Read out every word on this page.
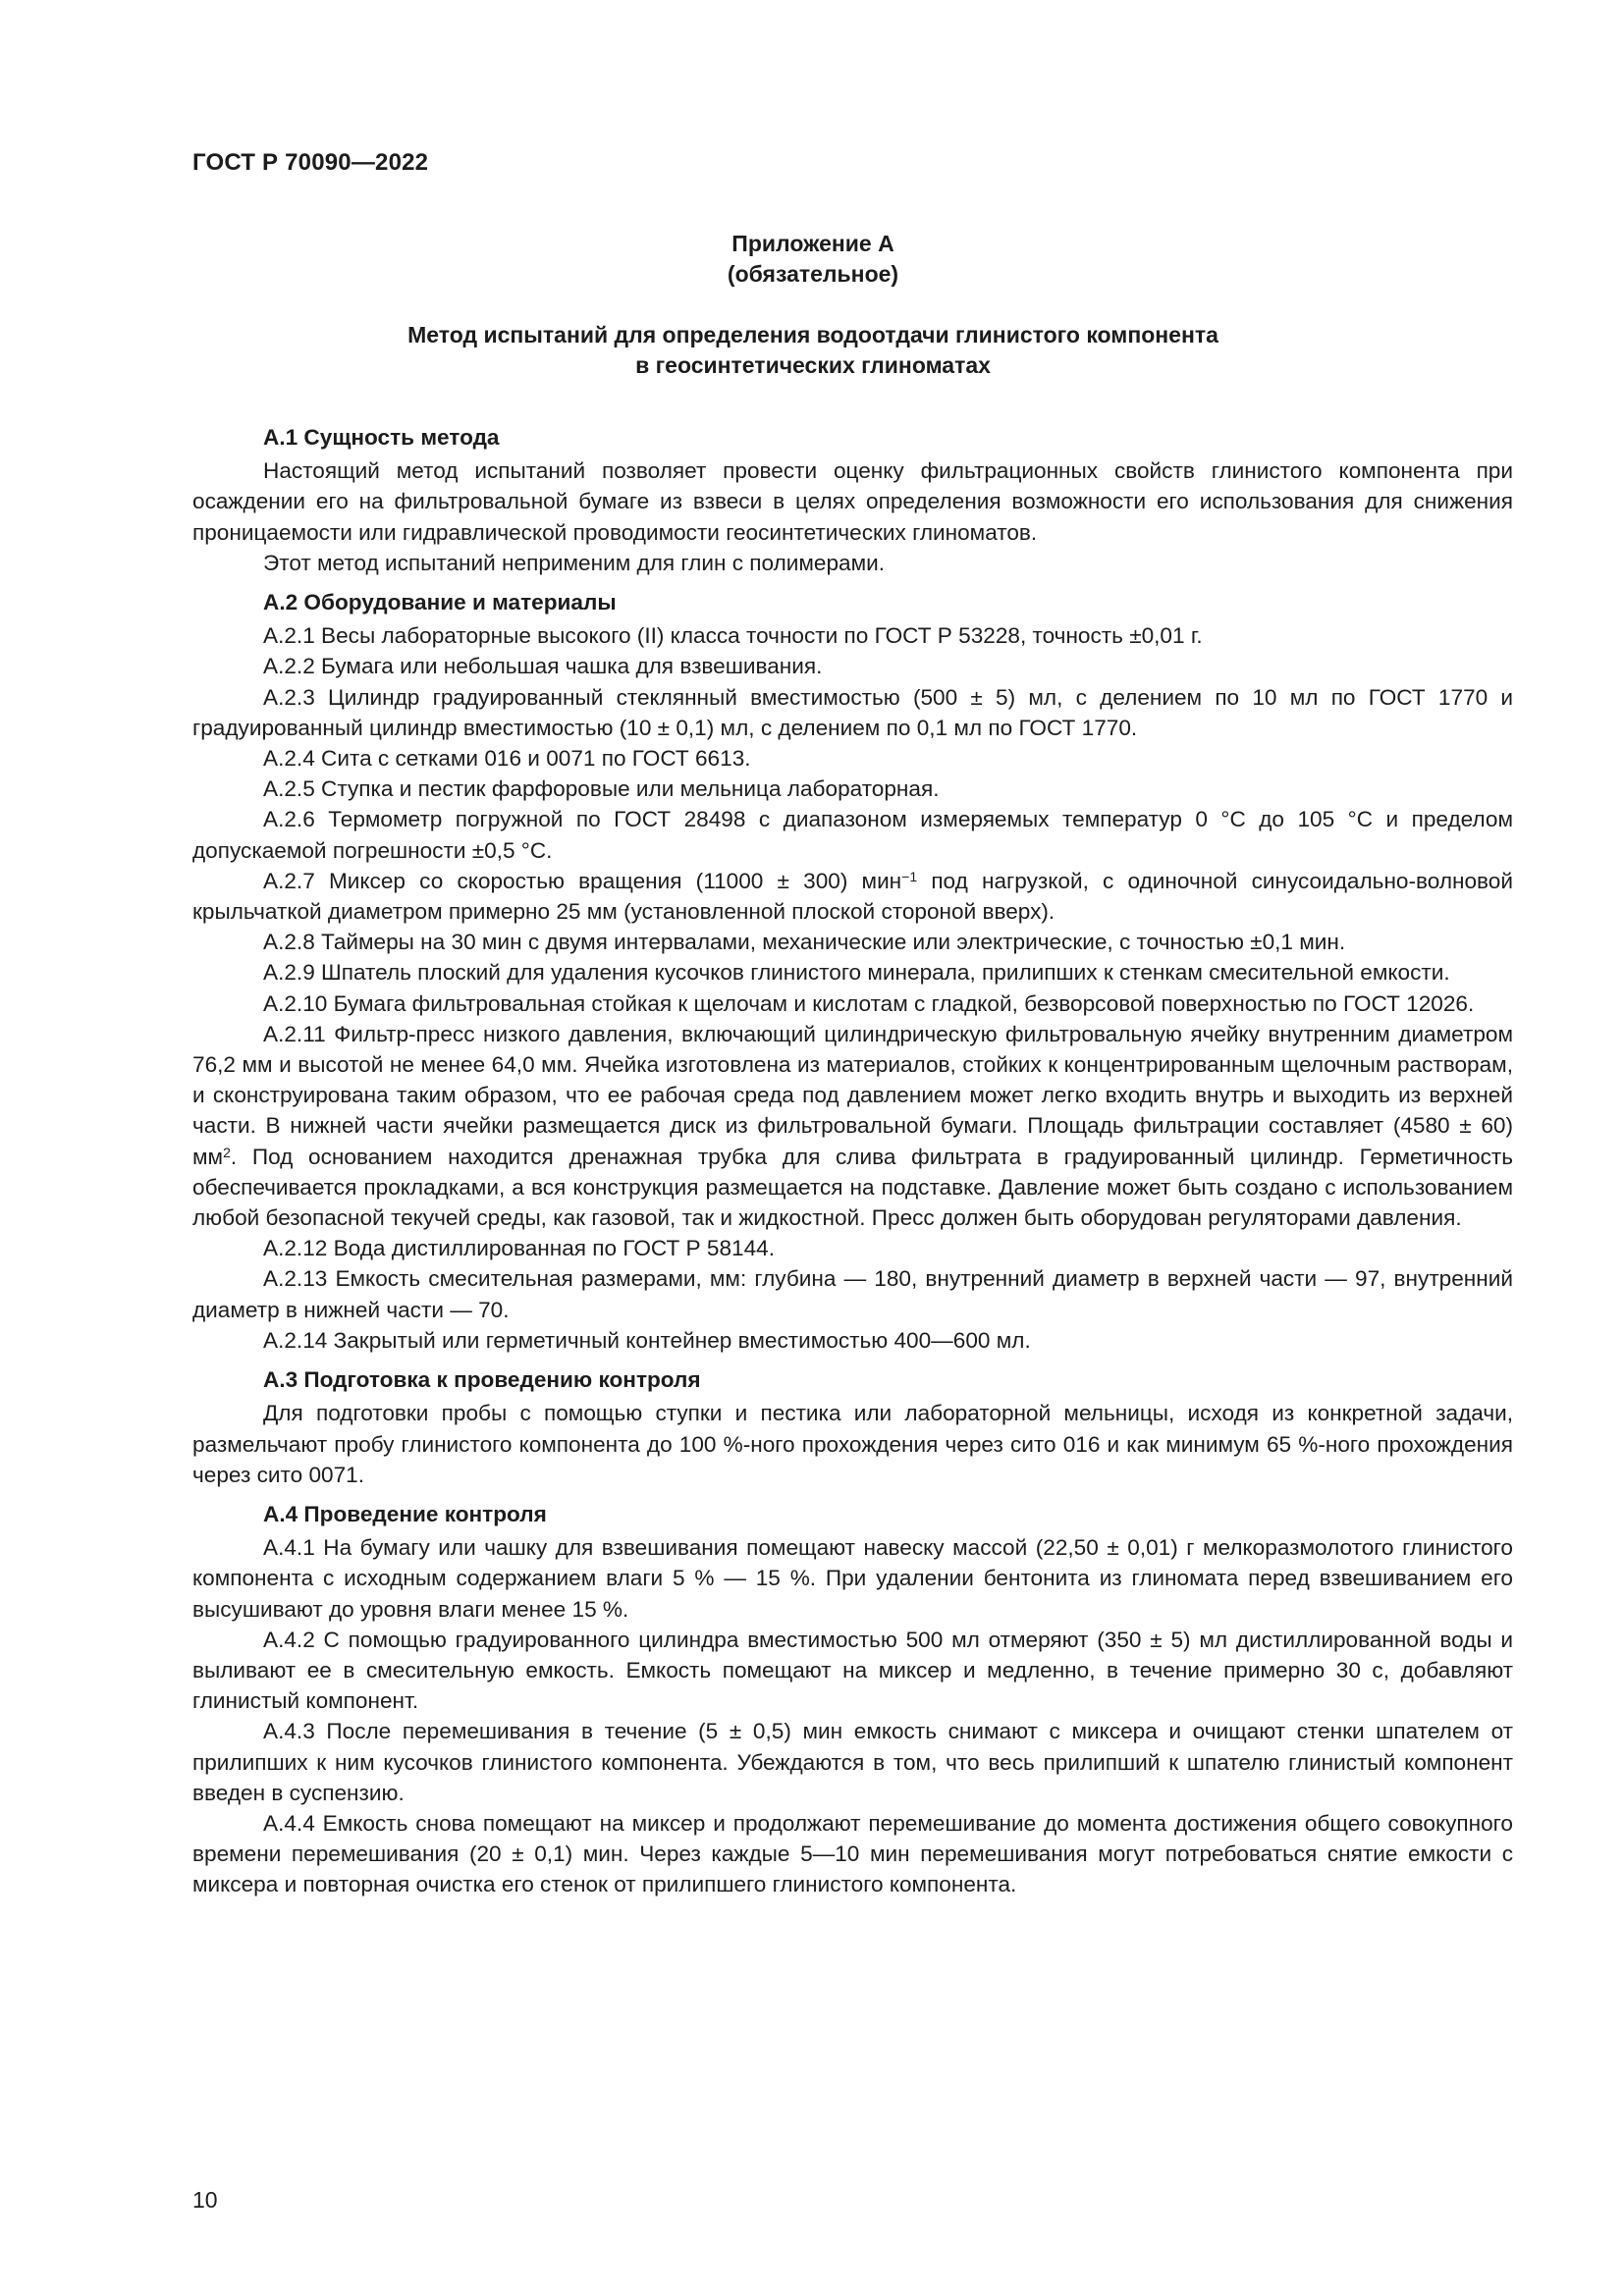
ГОСТ Р 70090—2022
Приложение А
(обязательное)
Метод испытаний для определения водоотдачи глинистого компонента
в геосинтетических глиноматах
А.1 Сущность метода

Настоящий метод испытаний позволяет провести оценку фильтрационных свойств глинистого компонента при осаждении его на фильтровальной бумаге из взвеси в целях определения возможности его использования для снижения проницаемости или гидравлической проводимости геосинтетических глиноматов.

Этот метод испытаний неприменим для глин с полимерами.

А.2 Оборудование и материалы

А.2.1 Весы лабораторные высокого (II) класса точности по ГОСТ Р 53228, точность ±0,01 г.

А.2.2 Бумага или небольшая чашка для взвешивания.

А.2.3 Цилиндр градуированный стеклянный вместимостью (500 ± 5) мл, с делением по 10 мл по ГОСТ 1770 и градуированный цилиндр вместимостью (10 ± 0,1) мл, с делением по 0,1 мл по ГОСТ 1770.

А.2.4 Сита с сетками 016 и 0071 по ГОСТ 6613.

А.2.5 Ступка и пестик фарфоровые или мельница лабораторная.

А.2.6 Термометр погружной по ГОСТ 28498 с диапазоном измеряемых температур 0 °С до 105 °С и пределом допускаемой погрешности ±0,5 °С.

А.2.7 Миксер со скоростью вращения (11000 ± 300) мин$^{-1}$ под нагрузкой, с одиночной синусоидально-волновой крыльчаткой диаметром примерно 25 мм (установленной плоской стороной вверх).

А.2.8 Таймеры на 30 мин с двумя интервалами, механические или электрические, с точностью ±0,1 мин.

А.2.9 Шпатель плоский для удаления кусочков глинистого минерала, прилипших к стенкам смесительной емкости.

А.2.10 Бумага фильтровальная стойкая к щелочам и кислотам с гладкой, безворсовой поверхностью по ГОСТ 12026.

А.2.11 Фильтр-пресс низкого давления, включающий цилиндрическую фильтровальную ячейку внутренним диаметром 76,2 мм и высотой не менее 64,0 мм. Ячейка изготовлена из материалов, стойких к концентрированным щелочным растворам, и сконструирована таким образом, что ее рабочая среда под давлением может легко входить внутрь и выходить из верхней части. В нижней части ячейки размещается диск из фильтровальной бумаги. Площадь фильтрации составляет (4580 ± 60) $мм^2$. Под основанием находится дренажная трубка для слива фильтрата в градуированный цилиндр. Герметичность обеспечивается прокладками, а вся конструкция размещается на подставке. Давление может быть создано с использованием любой безопасной текучей среды, как газовой, так и жидкостной. Пресс должен быть оборудован регуляторами давления.

А.2.12 Вода дистиллированная по ГОСТ Р 58144.

А.2.13 Емкость смесительная размерами, мм: глубина — 180, внутренний диаметр в верхней части — 97, внутренний диаметр в нижней части — 70.

А.2.14 Закрытый или герметичный контейнер вместимостью 400—600 мл.

А.3 Подготовка к проведению контроля

Для подготовки пробы с помощью ступки и пестика или лабораторной мельницы, исходя из конкретной задачи, размельчают пробу глинистого компонента до 100 %-ного прохождения через сито 016 и как минимум 65 %-ного прохождения через сито 0071.

А.4 Проведение контроля

А.4.1 На бумагу или чашку для взвешивания помещают навеску массой (22,50 ± 0,01) г мелкоразмолотого глинистого компонента с исходным содержанием влаги 5 % — 15 %. При удалении бентонита из глиномата перед взвешиванием его высушивают до уровня влаги менее 15 %.

А.4.2 С помощью градуированного цилиндра вместимостью 500 мл отмеряют (350 ± 5) мл дистиллированной воды и выливают ее в смесительную емкость. Емкость помещают на миксер и медленно, в течение примерно 30 с, добавляют глинистый компонент.

А.4.3 После перемешивания в течение (5 ± 0,5) мин емкость снимают с миксера и очищают стенки шпателем от прилипших к ним кусочков глинистого компонента. Убеждаются в том, что весь прилипший к шпателю глинистый компонент введен в суспензию.

А.4.4 Емкость снова помещают на миксер и продолжают перемешивание до момента достижения общего совокупного времени перемешивания (20 ± 0,1) мин. Через каждые 5—10 мин перемешивания могут потребоваться снятие емкости с миксера и повторная очистка его стенок от прилипшего глинистого компонента.

10
